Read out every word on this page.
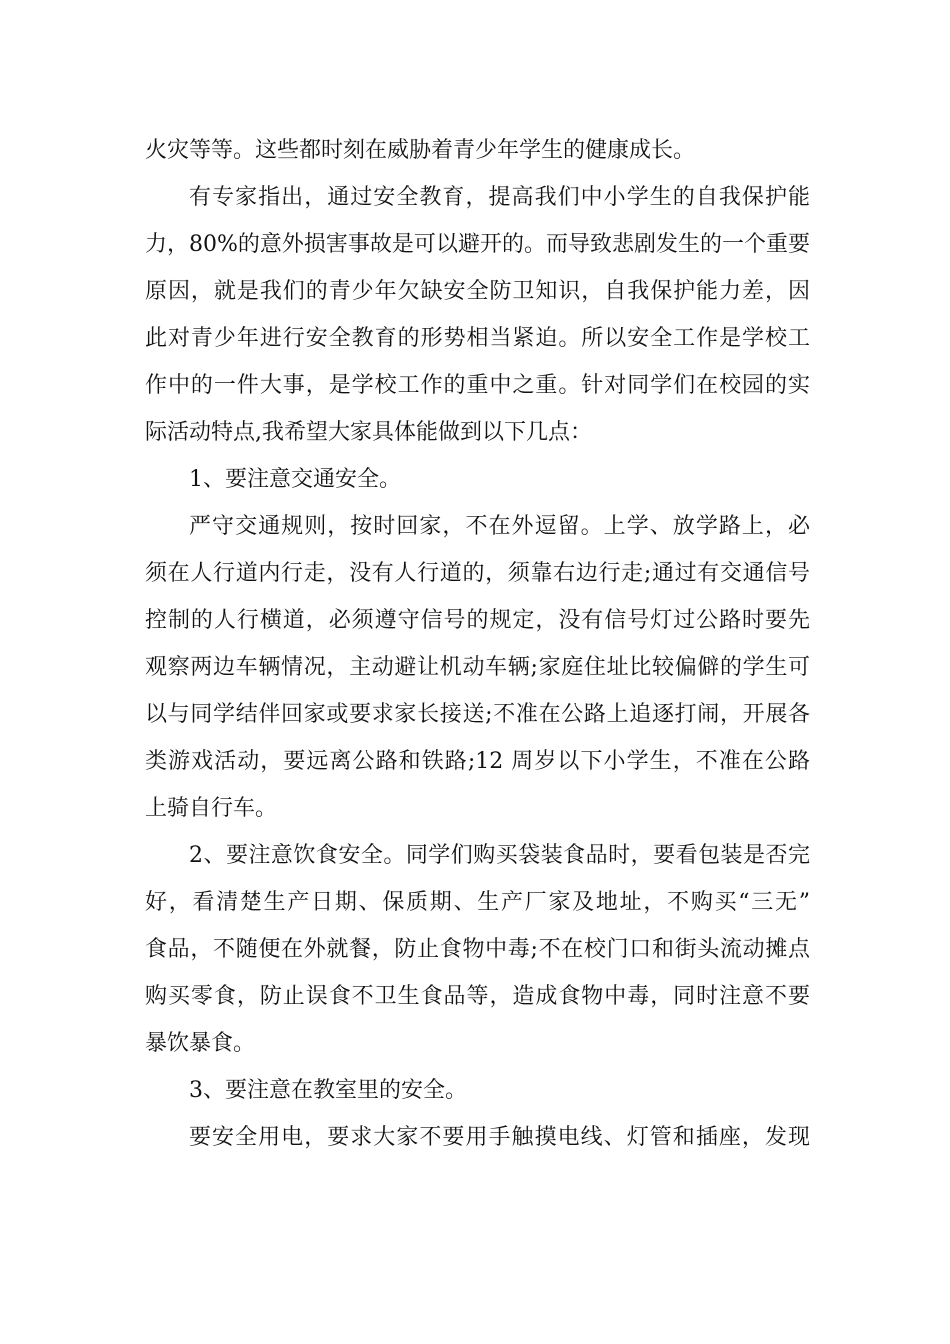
火灾等等。这些都时刻在威胁着青少年学生的健康成长。
有专家指出，通过安全教育，提高我们中小学生的自我保护能
力，80%的意外损害事故是可以避开的。而导致悲剧发生的一个重要
原因，就是我们的青少年欠缺安全防卫知识，自我保护能力差，因
此对青少年进行安全教育的形势相当紧迫。所以安全工作是学校工
作中的一件大事，是学校工作的重中之重。针对同学们在校园的实
际活动特点,我希望大家具体能做到以下几点：
1、要注意交通安全。
严守交通规则，按时回家，不在外逗留。上学、放学路上，必
须在人行道内行走，没有人行道的，须靠右边行走;通过有交通信号
控制的人行横道，必须遵守信号的规定，没有信号灯过公路时要先
观察两边车辆情况，主动避让机动车辆;家庭住址比较偏僻的学生可
以与同学结伴回家或要求家长接送;不准在公路上追逐打闹，开展各
类游戏活动，要远离公路和铁路;12 周岁以下小学生，不准在公路
上骑自行车。
2、要注意饮食安全。同学们购买袋装食品时，要看包装是否完
好，看清楚生产日期、保质期、生产厂家及地址，不购买“三无”
食品，不随便在外就餐，防止食物中毒;不在校门口和街头流动摊点
购买零食，防止误食不卫生食品等，造成食物中毒，同时注意不要
暴饮暴食。
3、要注意在教室里的安全。
要安全用电，要求大家不要用手触摸电线、灯管和插座，发现
